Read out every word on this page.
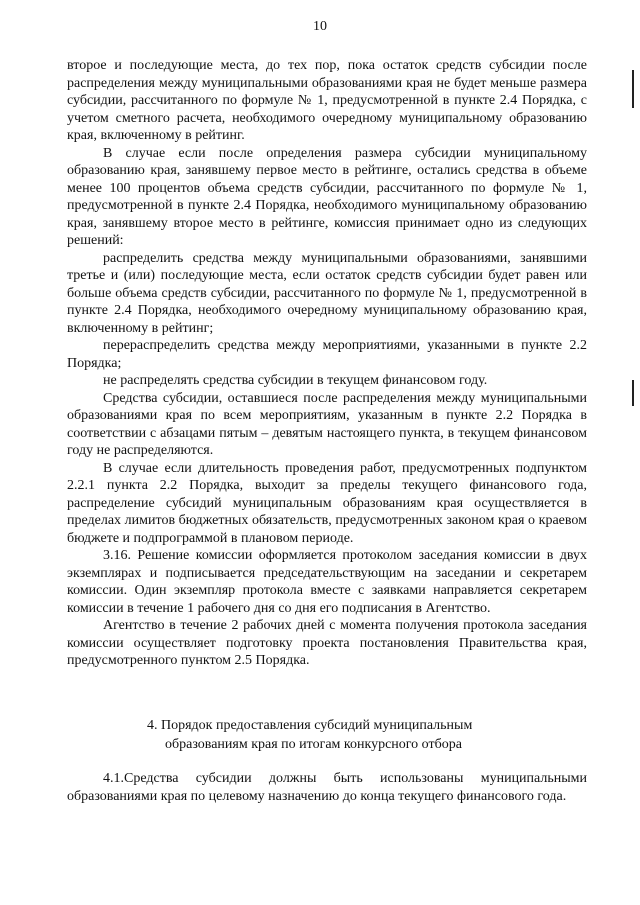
10

второе и последующие места, до тех пор, пока остаток средств субсидии после распределения между муниципальными образованиями края не будет меньше размера субсидии, рассчитанного по формуле № 1, предусмотренной в пункте 2.4 Порядка, с учетом сметного расчета, необходимого очередному муниципальному образованию края, включенному в рейтинг.

В случае если после определения размера субсидии муниципальному образованию края, занявшему первое место в рейтинге, остались средства в объеме менее 100 процентов объема средств субсидии, рассчитанного по формуле № 1, предусмотренной в пункте 2.4 Порядка, необходимого муниципальному образованию края, занявшему второе место в рейтинге, комиссия принимает одно из следующих решений:

распределить средства между муниципальными образованиями, занявшими третье и (или) последующие места, если остаток средств субсидии будет равен или больше объема средств субсидии, рассчитанного по формуле № 1, предусмотренной в пункте 2.4 Порядка, необходимого очередному муниципальному образованию края, включенному в рейтинг;

перераспределить средства между мероприятиями, указанными в пункте 2.2 Порядка;

не распределять средства субсидии в текущем финансовом году.

Средства субсидии, оставшиеся после распределения между муниципальными образованиями края по всем мероприятиям, указанным в пункте 2.2 Порядка в соответствии с абзацами пятым – девятым настоящего пункта, в текущем финансовом году не распределяются.

В случае если длительность проведения работ, предусмотренных подпунктом 2.2.1 пункта 2.2 Порядка, выходит за пределы текущего финансового года, распределение субсидий муниципальным образованиям края осуществляется в пределах лимитов бюджетных обязательств, предусмотренных законом края о краевом бюджете и подпрограммой в плановом периоде.

3.16. Решение комиссии оформляется протоколом заседания комиссии в двух экземплярах и подписывается председательствующим на заседании и секретарем комиссии. Один экземпляр протокола вместе с заявками направляется секретарем комиссии в течение 1 рабочего дня со дня его подписания в Агентство.

Агентство в течение 2 рабочих дней с момента получения протокола заседания комиссии осуществляет подготовку проекта постановления Правительства края, предусмотренного пунктом 2.5 Порядка.

4. Порядок предоставления субсидий муниципальным
образованиям края по итогам конкурсного отбора

4.1.Средства субсидии должны быть использованы муниципальными образованиями края по целевому назначению до конца текущего финансового года.
